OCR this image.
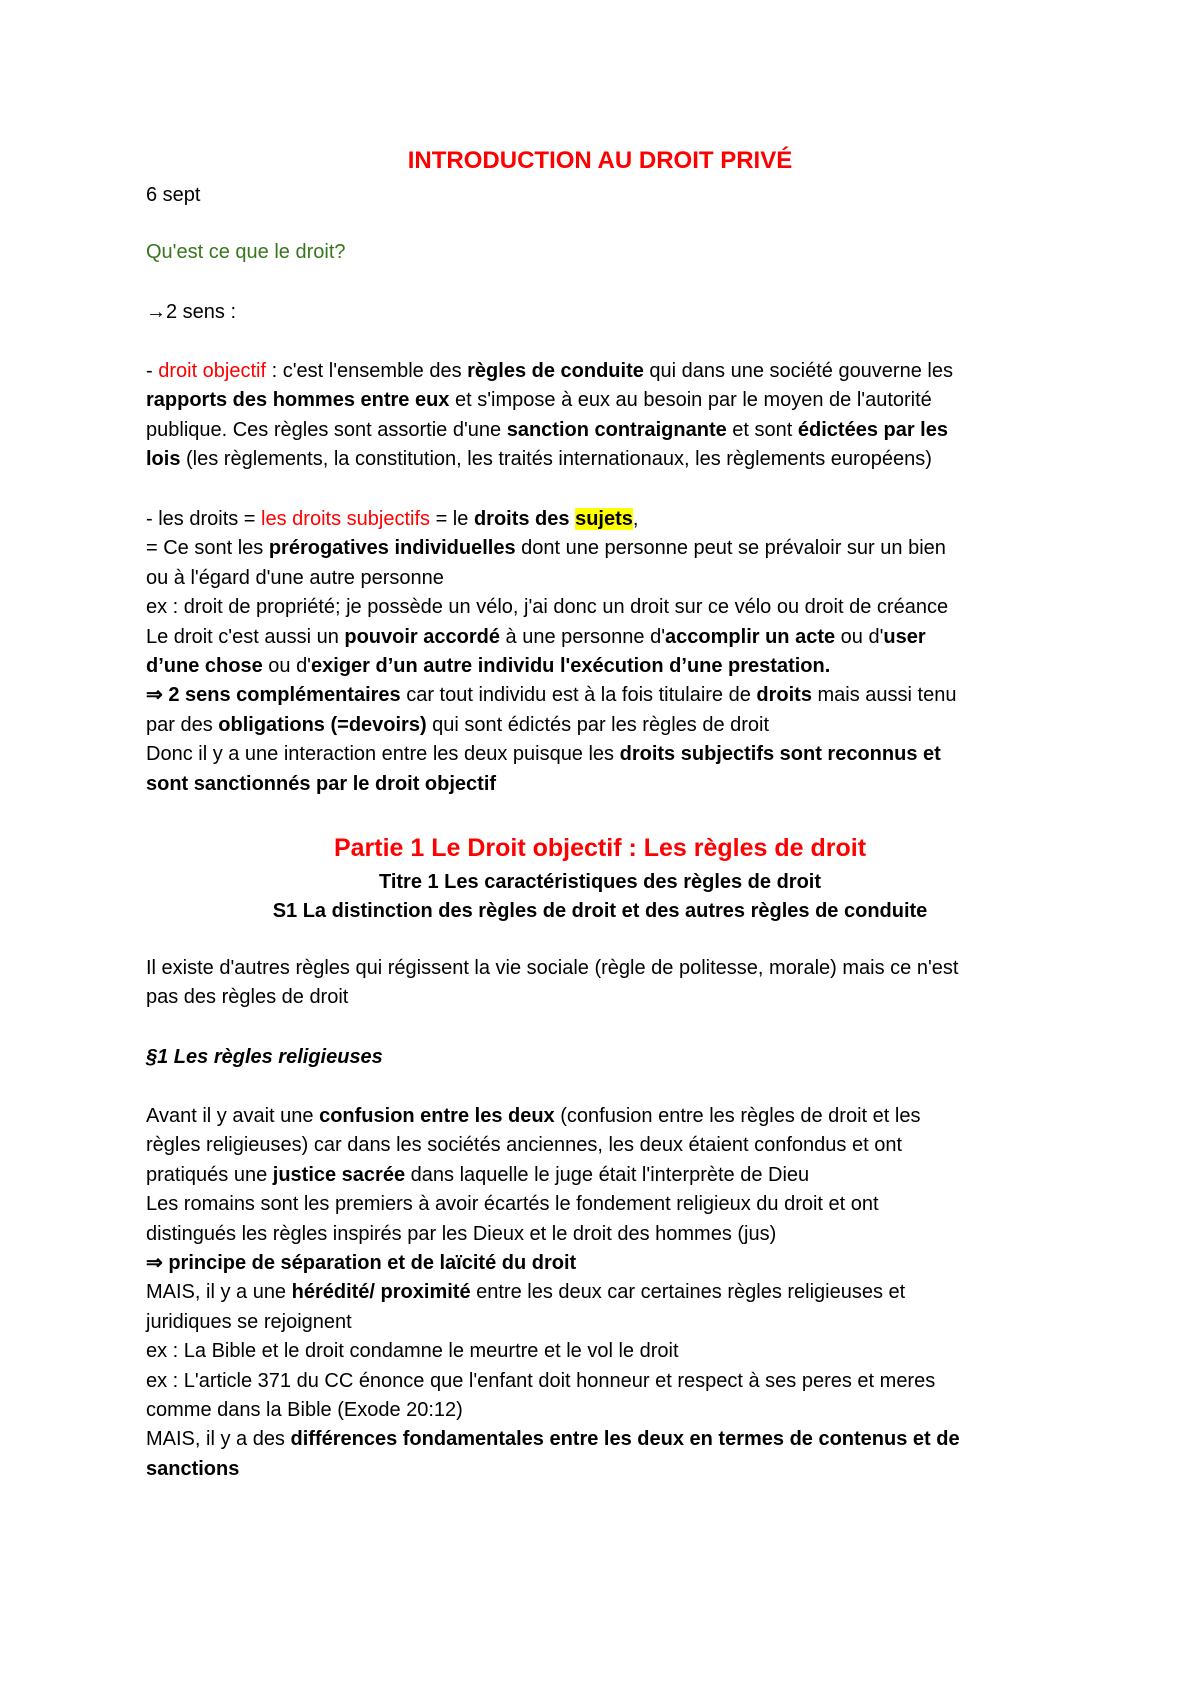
INTRODUCTION AU DROIT PRIVÉ
6 sept
Qu'est ce que le droit?
→2 sens :
- droit objectif : c'est l'ensemble des règles de conduite qui dans une société gouverne les
rapports des hommes entre eux et s'impose à eux au besoin par le moyen de l'autorité
publique. Ces règles sont assortie d'une sanction contraignante et sont édictées par les
lois (les règlements, la constitution, les traités internationaux, les règlements européens)
- les droits = les droits subjectifs = le droits des sujets,
= Ce sont les prérogatives individuelles dont une personne peut se prévaloir sur un bien
ou à l'égard d'une autre personne
ex : droit de propriété; je possède un vélo, j'ai donc un droit sur ce vélo ou droit de créance
Le droit c'est aussi un pouvoir accordé à une personne d'accomplir un acte ou d'user
d’une chose ou d'exiger d’un autre individu l'exécution d’une prestation.
⇒ 2 sens complémentaires car tout individu est à la fois titulaire de droits mais aussi tenu
par des obligations (=devoirs) qui sont édictés par les règles de droit
Donc il y a une interaction entre les deux puisque les droits subjectifs sont reconnus et
sont sanctionnés par le droit objectif
Partie 1 Le Droit objectif : Les règles de droit
Titre 1 Les caractéristiques des règles de droit
S1 La distinction des règles de droit et des autres règles de conduite
Il existe d'autres règles qui régissent la vie sociale (règle de politesse, morale) mais ce n'est
pas des règles de droit
§1 Les règles religieuses
Avant il y avait une confusion entre les deux (confusion entre les règles de droit et les
règles religieuses) car dans les sociétés anciennes, les deux étaient confondus et ont
pratiqués une justice sacrée dans laquelle le juge était l'interprète de Dieu
Les romains sont les premiers à avoir écartés le fondement religieux du droit et ont
distingués les règles inspirés par les Dieux et le droit des hommes (jus)
⇒ principe de séparation et de laïcité du droit
MAIS, il y a une hérédité/ proximité entre les deux car certaines règles religieuses et
juridiques se rejoignent
ex : La Bible et le droit condamne le meurtre et le vol le droit
ex : L'article 371 du CC énonce que l'enfant doit honneur et respect à ses peres et meres
comme dans la Bible (Exode 20:12)
MAIS, il y a des différences fondamentales entre les deux en termes de contenus et de
sanctions
